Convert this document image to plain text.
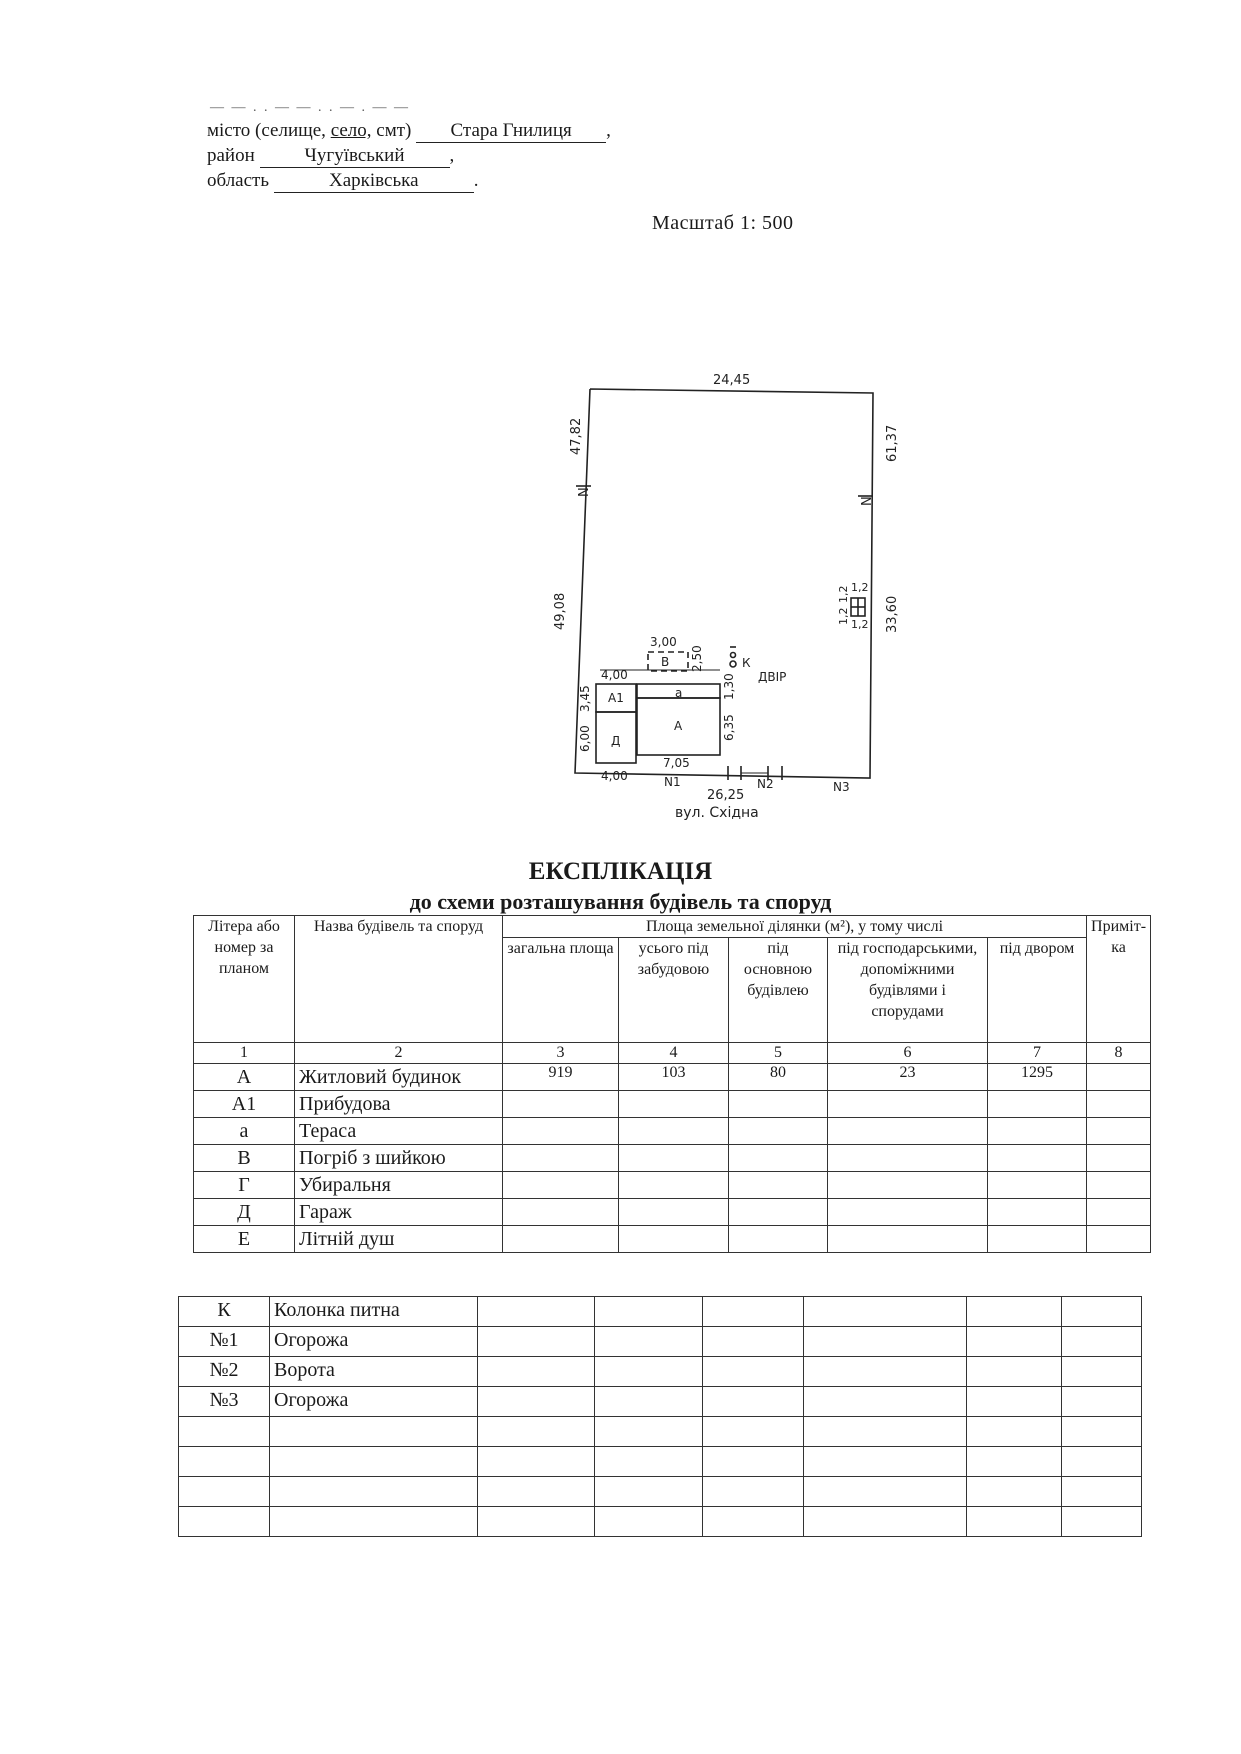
— — . . — — . . — . — —
місто (селище, село, смт) Стара Гнилиця ,
район	Чугуївський ,
область	Харківська	.
Масштаб 1: 500
24,45
47,82
N
49,08
61,37
N
33,60
1,2
1,2
1,2
1,2
3,00
2,50
В	К
ДВІР
4,00
3,45 А1	а
А
1,30
6,35
6,00 Д
7,05
4,00	N1	N2	N3
26,25
вул. Східна
ЕКСПЛІКАЦІЯ
до схеми розташування будівель та споруд
Літера або номер за планом	Назва будівель та споруд	Площа земельної ділянки (м²), у тому числі					Приміт-ка
		загальна площа	усього під забудовою	під основною будівлею	під господарськими, допоміжними будівлями і спорудами	під двором	
1	2	3	4	5	6	7	8
А	Житловий будинок	919	103	80	23	1295	
А1	Прибудова						
а	Тераса						
В	Погріб з шийкою						
Г	Убиральня						
Д	Гараж						
Е	Літній душ						
К	Колонка питна						
№1	Огорожа						
№2	Ворота						
№3	Огорожа						
